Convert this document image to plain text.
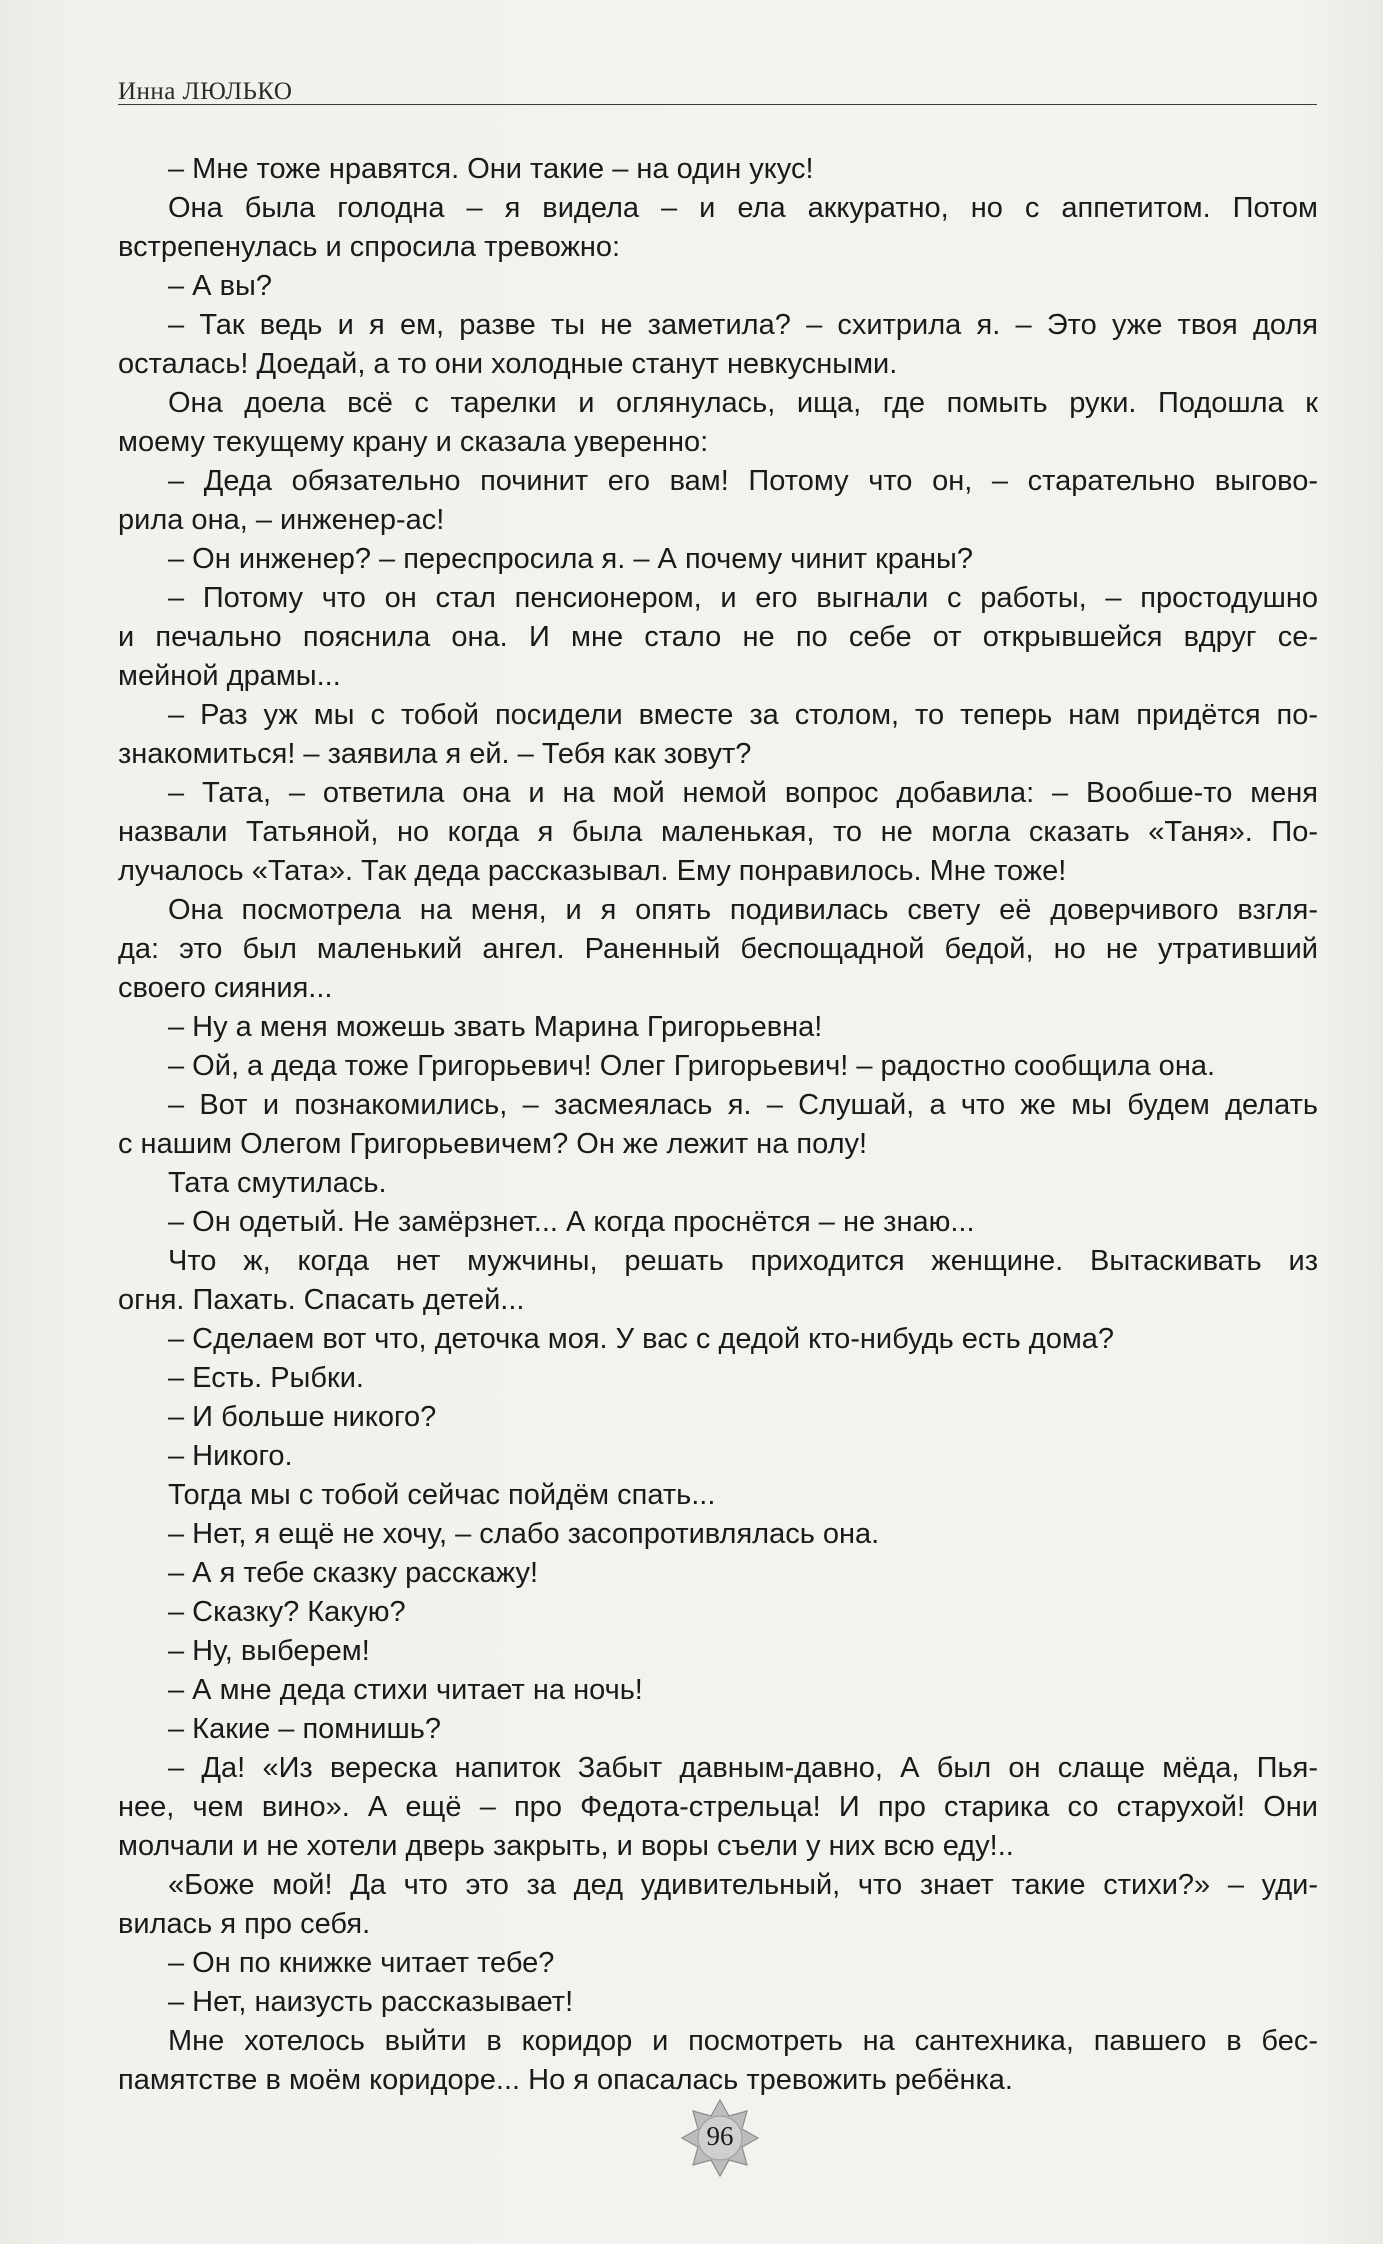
Инна ЛЮЛЬКО
– Мне тоже нравятся. Они такие – на один укус!
Она была голодна – я видела – и ела аккуратно, но с аппетитом. Потом
встрепенулась и спросила тревожно:
– А вы?
– Так ведь и я ем, разве ты не заметила? – схитрила я. – Это уже твоя доля
осталась! Доедай, а то они холодные станут невкусными.
Она доела всё с тарелки и оглянулась, ища, где помыть руки. Подошла к
моему текущему крану и сказала уверенно:
– Деда обязательно починит его вам! Потому что он, – старательно выгово-
рила она, – инженер-ас!
– Он инженер? – переспросила я. – А почему чинит краны?
– Потому что он стал пенсионером, и его выгнали с работы, – простодушно
и печально пояснила она. И мне стало не по себе от открывшейся вдруг се-
мейной драмы...
– Раз уж мы с тобой посидели вместе за столом, то теперь нам придётся по-
знакомиться! – заявила я ей. – Тебя как зовут?
– Тата, – ответила она и на мой немой вопрос добавила: – Вообше-то меня
назвали Татьяной, но когда я была маленькая, то не могла сказать «Таня». По-
лучалось «Тата». Так деда рассказывал. Ему понравилось. Мне тоже!
Она посмотрела на меня, и я опять подивилась свету её доверчивого взгля-
да: это был маленький ангел. Раненный беспощадной бедой, но не утративший
своего сияния...
– Ну а меня можешь звать Марина Григорьевна!
– Ой, а деда тоже Григорьевич! Олег Григорьевич! – радостно сообщила она.
– Вот и познакомились, – засмеялась я. – Слушай, а что же мы будем делать
с нашим Олегом Григорьевичем? Он же лежит на полу!
Тата смутилась.
– Он одетый. Не замёрзнет... А когда проснётся – не знаю...
Что ж, когда нет мужчины, решать приходится женщине. Вытаскивать из
огня. Пахать. Спасать детей...
– Сделаем вот что, деточка моя. У вас с дедой кто-нибудь есть дома?
– Есть. Рыбки.
– И больше никого?
– Никого.
Тогда мы с тобой сейчас пойдём спать...
– Нет, я ещё не хочу, – слабо засопротивлялась она.
– А я тебе сказку расскажу!
– Сказку? Какую?
– Ну, выберем!
– А мне деда стихи читает на ночь!
– Какие – помнишь?
– Да! «Из вереска напиток Забыт давным-давно, А был он слаще мёда, Пья-
нее, чем вино». А ещё – про Федота-стрельца! И про старика со старухой! Они
молчали и не хотели дверь закрыть, и воры съели у них всю еду!..
«Боже мой! Да что это за дед удивительный, что знает такие стихи?» – уди-
вилась я про себя.
– Он по книжке читает тебе?
– Нет, наизусть рассказывает!
Мне хотелось выйти в коридор и посмотреть на сантехника, павшего в бес-
памятстве в моём коридоре... Но я опасалась тревожить ребёнка.
96
